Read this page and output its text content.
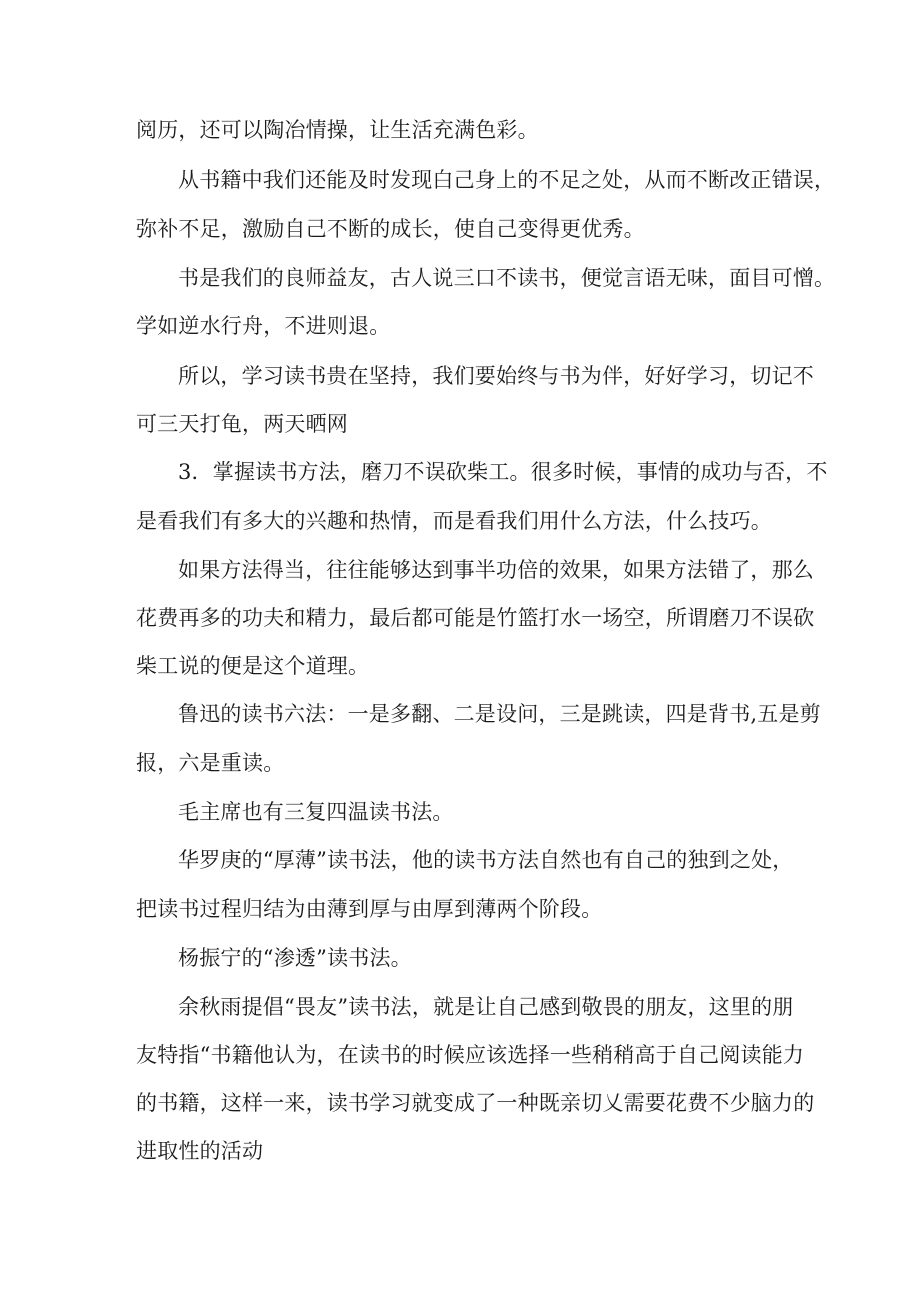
阅历，还可以陶冶情操，让生活充满色彩。
从书籍中我们还能及时发现白己身上的不足之处，从而不断改正错误，
弥补不足，激励自己不断的成长，使自己变得更优秀。
书是我们的良师益友，古人说三口不读书，便觉言语无味，面目可憎。
学如逆水行舟，不进则退。
所以，学习读书贵在坚持，我们要始终与书为伴，好好学习，切记不
可三天打龟，两天晒网
3．掌握读书方法，磨刀不误砍柴工。很多时候，事情的成功与否，不
是看我们有多大的兴趣和热情，而是看我们用什么方法，什么技巧。
如果方法得当，往往能够达到事半功倍的效果，如果方法错了，那么
花费再多的功夫和精力，最后都可能是竹篮打水一场空，所谓磨刀不误砍
柴工说的便是这个道理。
鲁迅的读书六法：一是多翻、二是设问，三是跳读，四是背书,五是剪
报，六是重读。
毛主席也有三复四温读书法。
华罗庚的“厚薄”读书法，他的读书方法自然也有自己的独到之处，
把读书过程归结为由薄到厚与由厚到薄两个阶段。
杨振宁的“渗透”读书法。
余秋雨提倡“畏友”读书法，就是让自己感到敬畏的朋友，这里的朋
友特指“书籍他认为，在读书的时候应该选择一些稍稍高于自己阅读能力
的书籍，这样一来，读书学习就变成了一种既亲切乂需要花费不少脑力的
进取性的活动
